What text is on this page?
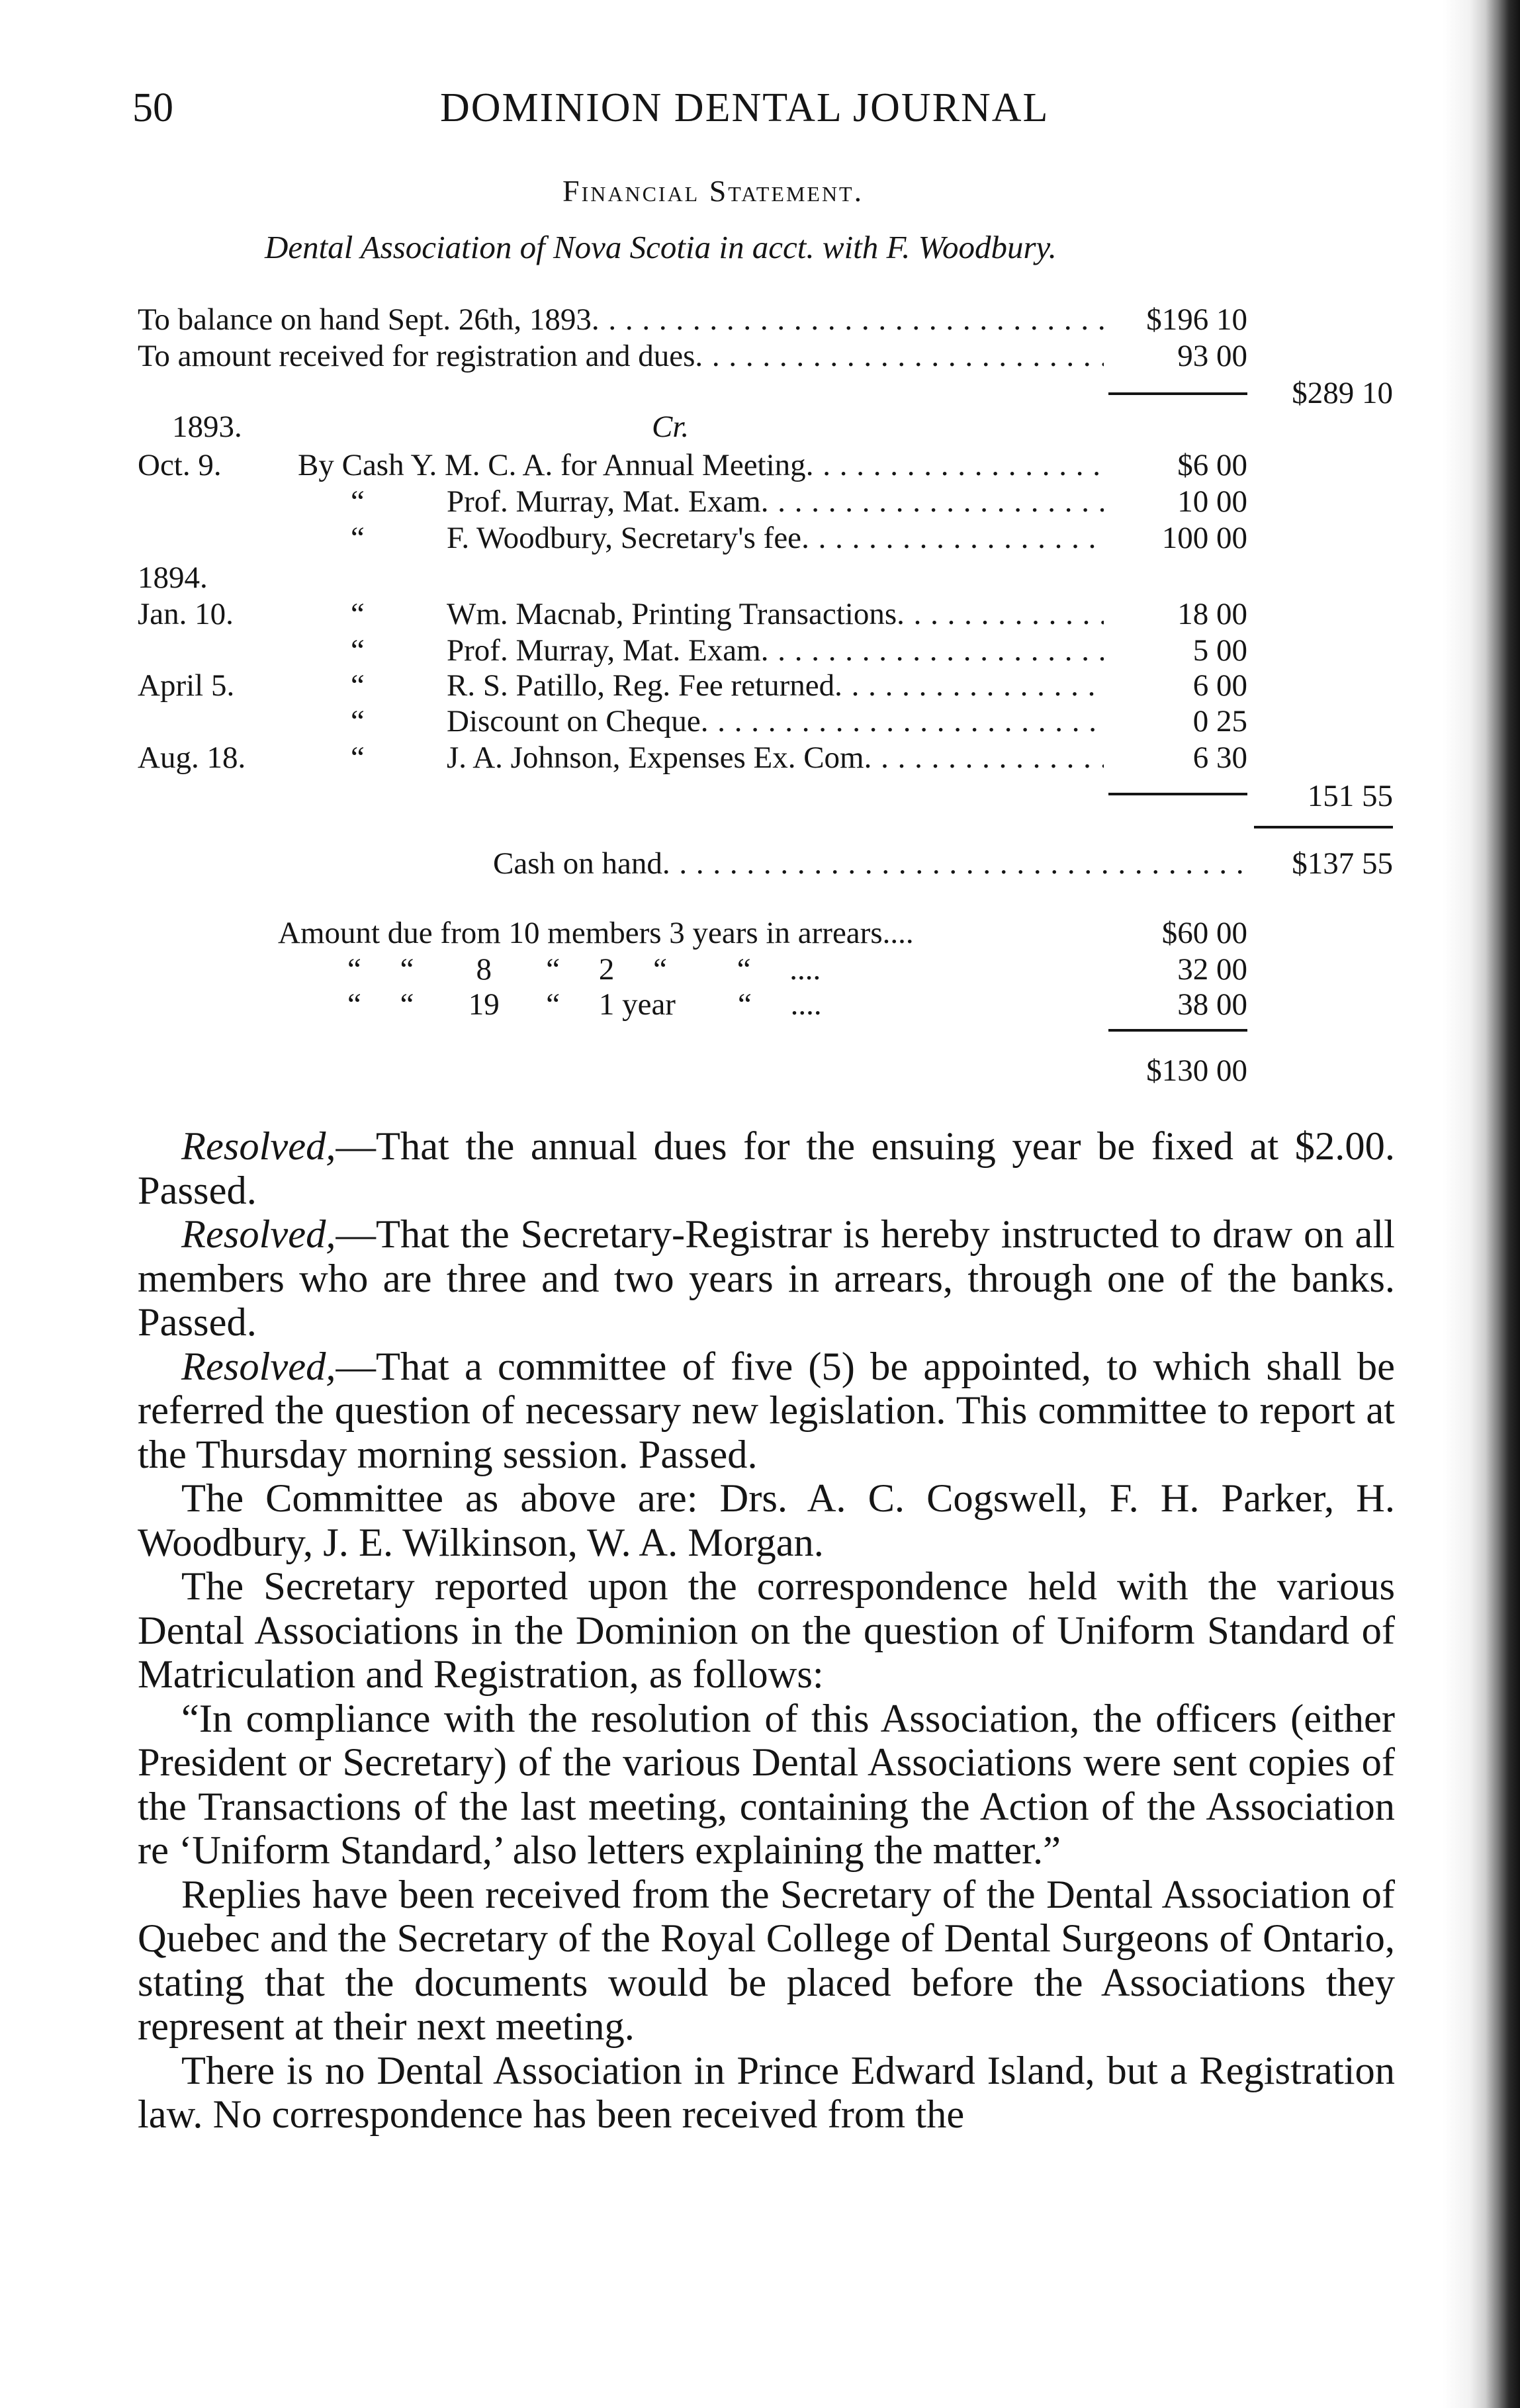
50	DOMINION DENTAL JOURNAL
Financial Statement.
Dental Association of Nova Scotia in acct. with F. Woodbury.
To balance on hand Sept. 26th, 1893 . . .	$196 10
To amount received for registration and dues . . .	93 00
$289 10
1893.	Cr.
Oct. 9. By Cash Y. M. C. A. for Annual Meeting . . .	$6 00
“	Prof. Murray, Mat. Exam . . .	10 00
“	F. Woodbury, Secretary's fee . . .	100 00
1894.
Jan. 10.	“	Wm. Macnab, Printing Transactions . . .	18 00
“	Prof. Murray, Mat. Exam . . .	5 00
April 5.	“	R. S. Patillo, Reg. Fee returned . . .	6 00
“	Discount on Cheque . . .	0 25
Aug. 18.	“	J. A. Johnson, Expenses Ex. Com . . .	6 30
151 55
Cash on hand . . .	$137 55
Amount due from 10 members 3 years in arrears....	$60 00
“     “        8       “     2     “         “     ....	32 00
“     “       19      “     1 year        “     ....	38 00
$130 00

Resolved,—That the annual dues for the ensuing year be fixed at $2.00. Passed.

Resolved,—That the Secretary-Registrar is hereby instructed to draw on all members who are three and two years in arrears, through one of the banks. Passed.

Resolved,—That a committee of five (5) be appointed, to which shall be referred the question of necessary new legislation. This committee to report at the Thursday morning session. Passed.

The Committee as above are: Drs. A. C. Cogswell, F. H. Parker, H. Woodbury, J. E. Wilkinson, W. A. Morgan.

The Secretary reported upon the correspondence held with the various Dental Associations in the Dominion on the question of Uniform Standard of Matriculation and Registration, as follows:

“In compliance with the resolution of this Association, the officers (either President or Secretary) of the various Dental Associations were sent copies of the Transactions of the last meeting, containing the Action of the Association re ‘Uniform Standard,’ also letters explaining the matter.”

Replies have been received from the Secretary of the Dental Association of Quebec and the Secretary of the Royal College of Dental Surgeons of Ontario, stating that the documents would be placed before the Associations they represent at their next meeting.

There is no Dental Association in Prince Edward Island, but a Registration law. No correspondence has been received from the
